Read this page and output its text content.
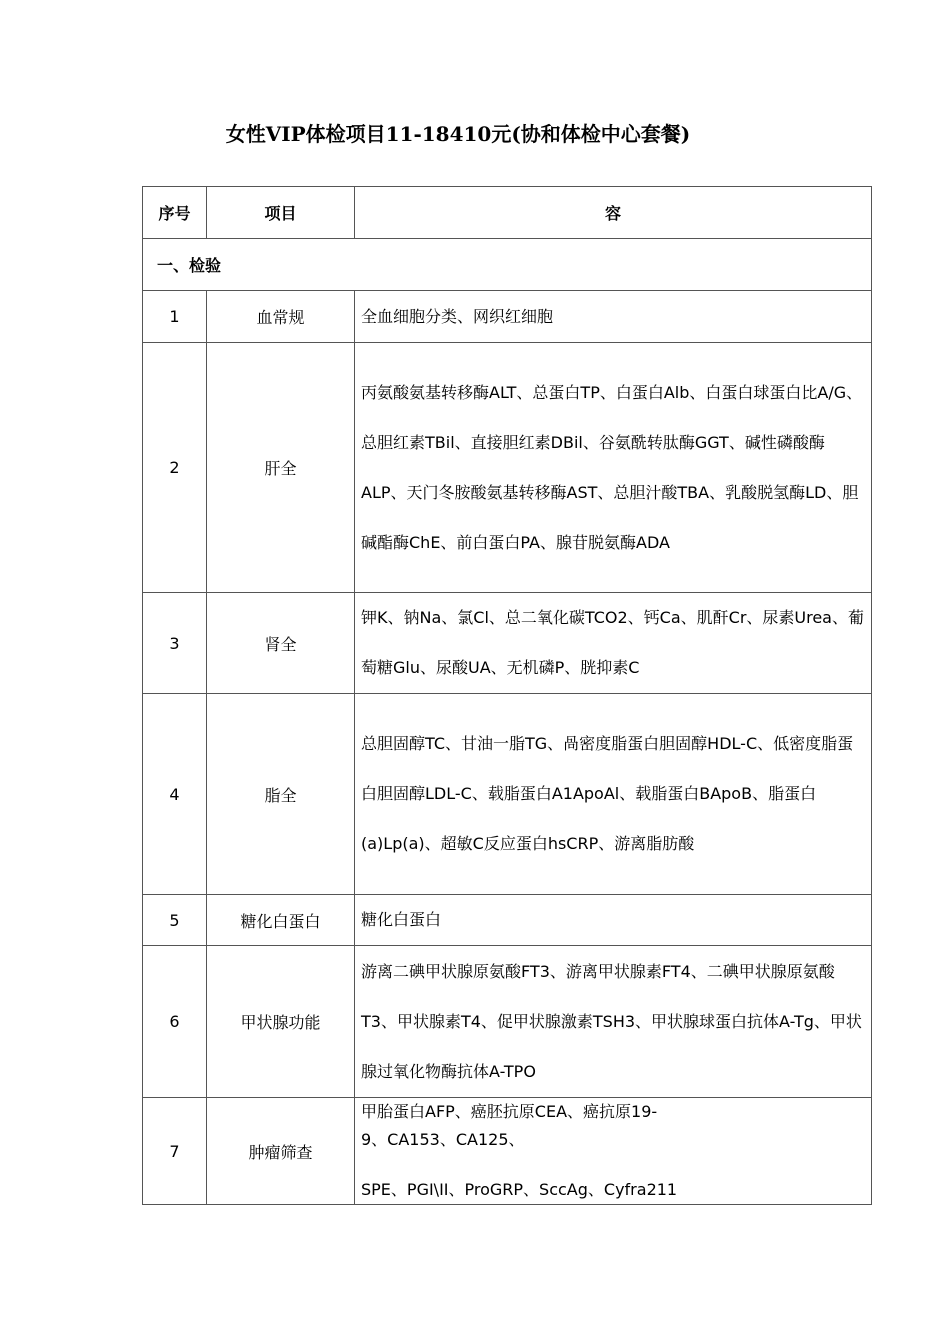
女性VIP体检项目11-18410元(协和体检中心套餐)
序号	项目	容
一、检验		
1	血常规	全血细胞分类、网织红细胞
2	肝全	丙氨酸氨基转移酶ALT、总蛋白TP、白蛋白Alb、白蛋白球蛋白比A/G、总胆红素TBil、直接胆红素DBil、谷氨酰转肽酶GGT、碱性磷酸酶ALP、天门冬胺酸氨基转移酶AST、总胆汁酸TBA、乳酸脱氢酶LD、胆碱酯酶ChE、前白蛋白PA、腺苷脱氨酶ADA
3	肾全	钾K、钠Na、氯Cl、总二氧化碳TCO2、钙Ca、肌酐Cr、尿素Urea、葡萄糖Glu、尿酸UA、无机磷P、胱抑素C
4	脂全	总胆固醇TC、甘油一脂TG、咼密度脂蛋白胆固醇HDL-C、低密度脂蛋白胆固醇LDL-C、载脂蛋白A1ApoAl、载脂蛋白BApoB、脂蛋白(a)Lp(a)、超敏C反应蛋白hsCRP、游离脂肪酸
5	糖化白蛋白	糖化白蛋白
6	甲状腺功能	游离二碘甲状腺原氨酸FT3、游离甲状腺素FT4、二碘甲状腺原氨酸T3、甲状腺素T4、促甲状腺激素TSH3、甲状腺球蛋白抗体A-Tg、甲状腺过氧化物酶抗体A-TPO
7	肿瘤筛查	甲胎蛋白AFP、癌胚抗原CEA、癌抗原19-
9、CA153、CA125、
SPE、PGI\II、ProGRP、SccAg、Cyfra211
